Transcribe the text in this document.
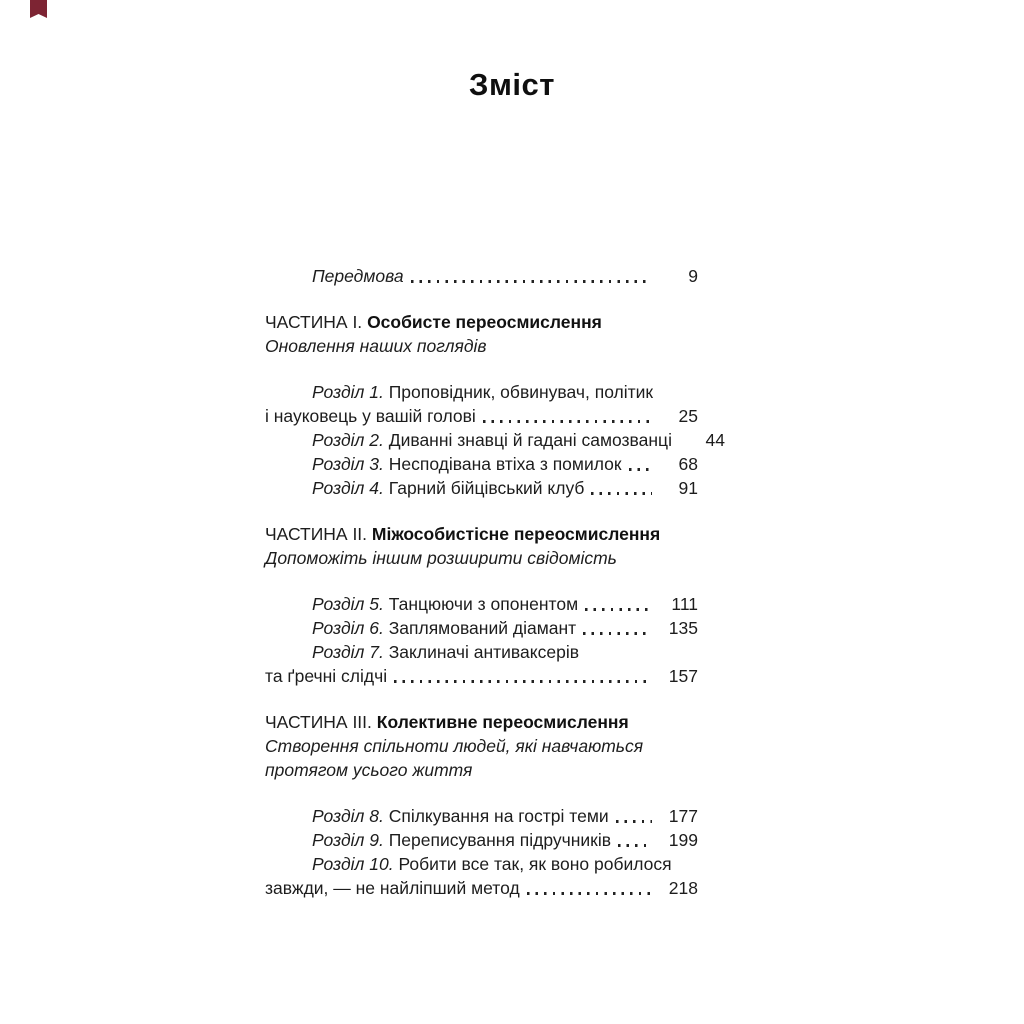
Зміст
Передмова	9
ЧАСТИНА I. Особисте переосмислення
Оновлення наших поглядів
Розділ 1. Проповідник, обвинувач, політик
і науковець у вашій голові	25
Розділ 2. Диванні знавці й гадані самозванці	44
Розділ 3. Несподівана втіха з помилок	68
Розділ 4. Гарний бійцівський клуб	91
ЧАСТИНА II. Міжособистісне переосмислення
Допоможіть іншим розширити свідомість
Розділ 5. Танцюючи з опонентом	111
Розділ 6. Заплямований діамант	135
Розділ 7. Заклиначі антиваксерів
та ґречні слідчі	157
ЧАСТИНА III. Колективне переосмислення
Створення спільноти людей, які навчаються
протягом усього життя
Розділ 8. Спілкування на гострі теми	177
Розділ 9. Переписування підручників	199
Розділ 10. Робити все так, як воно робилося
завжди, — не найліпший метод	218
